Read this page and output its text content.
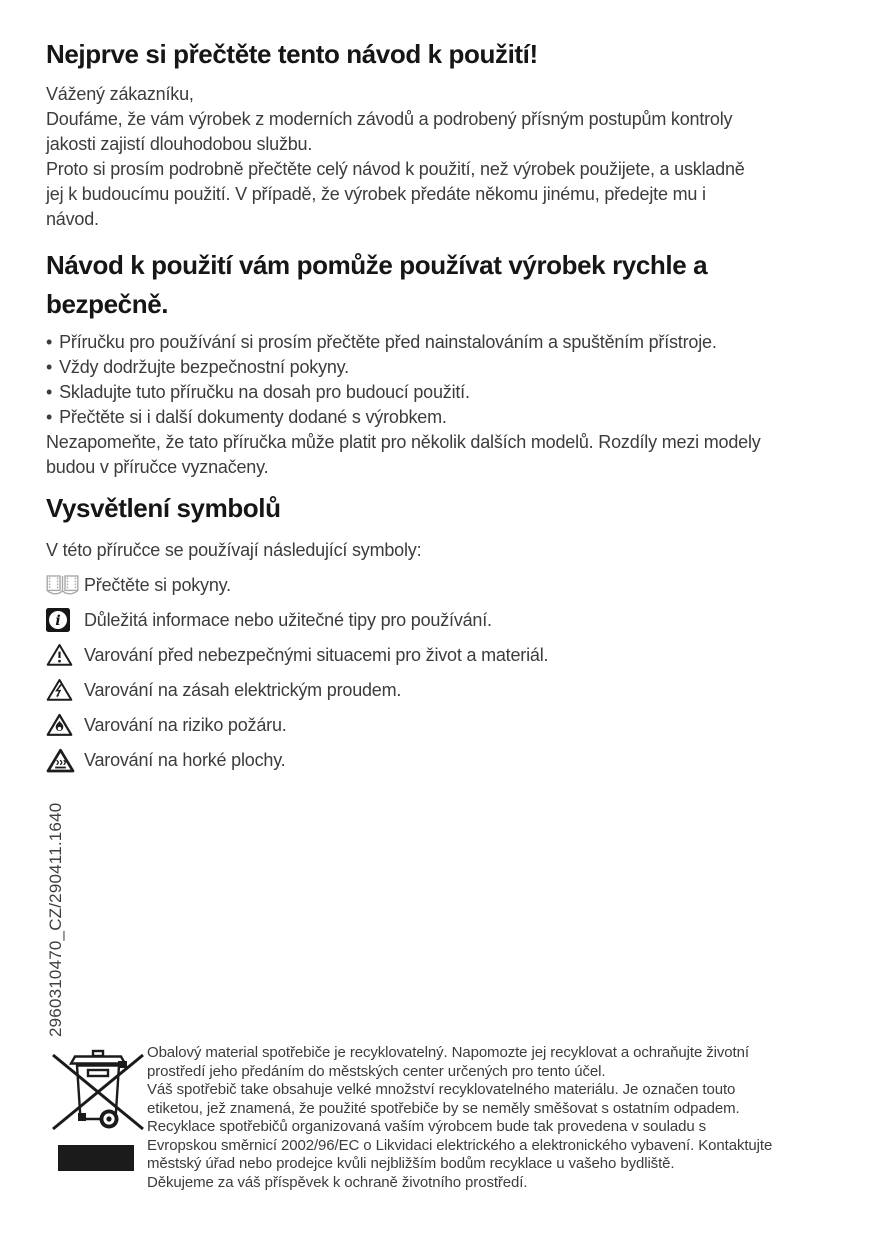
Nejprve si přečtěte tento návod k použití!
Vážený zákazníku,
Doufáme, že vám výrobek z moderních závodů a podrobený přísným postupům kontroly
jakosti zajistí dlouhodobou službu.
Proto si prosím podrobně přečtěte celý návod k použití, než výrobek použijete, a uskladně
jej k budoucímu použití. V případě, že výrobek předáte někomu jinému, předejte mu i
návod.
Návod k použití vám pomůže používat výrobek rychle a
bezpečně.
• Příručku pro používání si prosím přečtěte před nainstalováním a spuštěním přístroje.
• Vždy dodržujte bezpečnostní pokyny.
• Skladujte tuto příručku na dosah pro budoucí použití.
• Přečtěte si i další dokumenty dodané s výrobkem.
Nezapomeňte, že tato příručka může platit pro několik dalších modelů. Rozdíly mezi modely
budou v příručce vyznačeny.
Vysvětlení symbolů
V této příručce se používají následující symboly:
Přečtěte si pokyny.
i Důležitá informace nebo užitečné tipy pro používání.
Varování před nebezpečnými situacemi pro život a materiál.
Varování na zásah elektrickým proudem.
Varování na riziko požáru.
Varování na horké plochy.
2960310470_CZ/290411.1640
Obalový material spotřebiče je recyklovatelný. Napomozte jej recyklovat a ochraňujte životní
prostředí jeho předáním do městských center určených pro tento účel.
Váš spotřebič take obsahuje velké množství recyklovatelného materiálu. Je označen touto
etiketou, jež znamená, že použité spotřebiče by se neměly směšovat s ostatním odpadem.
Recyklace spotřebičů organizovaná vaším výrobcem bude tak provedena v souladu s
Evropskou směrnicí 2002/96/EC o Likvidaci elektrického a elektronického vybavení. Kontaktujte
městský úřad nebo prodejce kvůli nejbližším bodům recyklace u vašeho bydliště.
Děkujeme za váš příspěvek k ochraně životního prostředí.
